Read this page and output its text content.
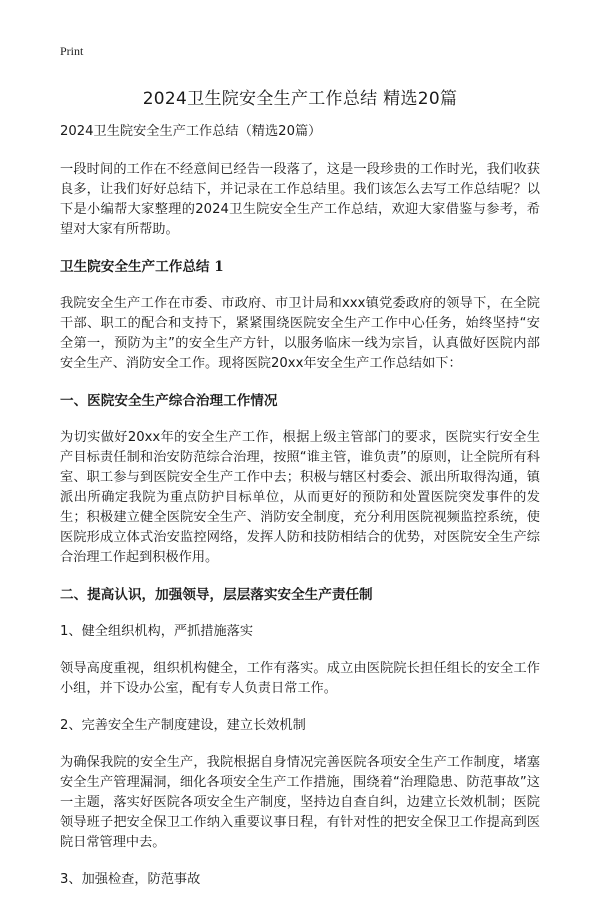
Print
2024卫生院安全生产工作总结 精选20篇

2024卫生院安全生产工作总结（精选20篇）

一段时间的工作在不经意间已经告一段落了，这是一段珍贵的工作时光，我们收获良多，让我们好好总结下，并记录在工作总结里。我们该怎么去写工作总结呢？以下是小编帮大家整理的2024卫生院安全生产工作总结，欢迎大家借鉴与参考，希望对大家有所帮助。

卫生院安全生产工作总结 1

我院安全生产工作在市委、市政府、市卫计局和xxx镇党委政府的领导下，在全院干部、职工的配合和支持下，紧紧围绕医院安全生产工作中心任务，始终坚持“安全第一，预防为主”的安全生产方针，以服务临床一线为宗旨，认真做好医院内部安全生产、消防安全工作。现将医院20xx年安全生产工作总结如下：

一、医院安全生产综合治理工作情况

为切实做好20xx年的安全生产工作，根据上级主管部门的要求，医院实行安全生产目标责任制和治安防范综合治理，按照“谁主管，谁负责”的原则，让全院所有科室、职工参与到医院安全生产工作中去；积极与辖区村委会、派出所取得沟通，镇派出所确定我院为重点防护目标单位，从而更好的预防和处置医院突发事件的发生；积极建立健全医院安全生产、消防安全制度，充分利用医院视频监控系统，使医院形成立体式治安监控网络，发挥人防和技防相结合的优势，对医院安全生产综合治理工作起到积极作用。

二、提高认识，加强领导，层层落实安全生产责任制

1、健全组织机构，严抓措施落实

领导高度重视，组织机构健全，工作有落实。成立由医院院长担任组长的安全工作小组，并下设办公室，配有专人负责日常工作。

2、完善安全生产制度建设，建立长效机制

为确保我院的安全生产，我院根据自身情况完善医院各项安全生产工作制度，堵塞安全生产管理漏洞，细化各项安全生产工作措施，围绕着“治理隐患、防范事故”这一主题，落实好医院各项安全生产制度，坚持边自查自纠，边建立长效机制；医院领导班子把安全保卫工作纳入重要议事日程，有针对性的把安全保卫工作提高到医院日常管理中去。

3、加强检查，防范事故
